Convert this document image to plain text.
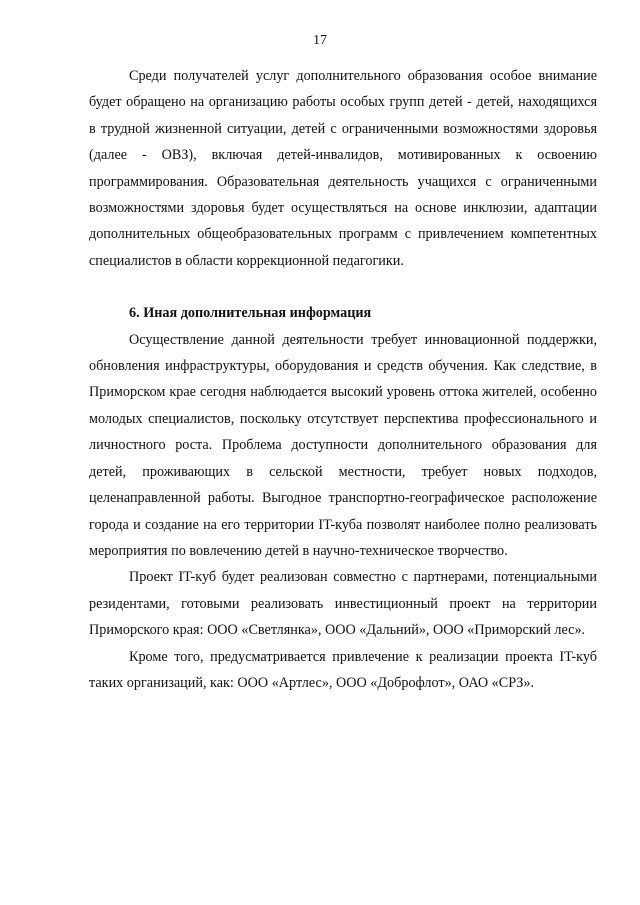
17

Среди получателей услуг дополнительного образования особое внимание будет обращено на организацию работы особых групп детей - детей, находящихся в трудной жизненной ситуации, детей с ограниченными возможностями здоровья (далее - ОВЗ), включая детей-инвалидов, мотивированных к освоению программирования. Образовательная деятельность учащихся с ограниченными возможностями здоровья будет осуществляться на основе инклюзии, адаптации дополнительных общеобразовательных программ с привлечением компетентных специалистов в области коррекционной педагогики.

6. Иная дополнительная информация

Осуществление данной деятельности требует инновационной поддержки, обновления инфраструктуры, оборудования и средств обучения. Как следствие, в Приморском крае сегодня наблюдается высокий уровень оттока жителей, особенно молодых специалистов, поскольку отсутствует перспектива профессионального и личностного роста. Проблема доступности дополнительного образования для детей, проживающих в сельской местности, требует новых подходов, целенаправленной работы. Выгодное транспортно-географическое расположение города и создание на его территории IT-куба позволят наиболее полно реализовать мероприятия по вовлечению детей в научно-техническое творчество.

Проект IT-куб будет реализован совместно с партнерами, потенциальными резидентами, готовыми реализовать инвестиционный проект на территории Приморского края: ООО «Светлянка», ООО «Дальний», ООО «Приморский лес».

Кроме того, предусматривается привлечение к реализации проекта IT-куб таких организаций, как: ООО «Артлес», ООО «Доброфлот», ОАО «СРЗ».
